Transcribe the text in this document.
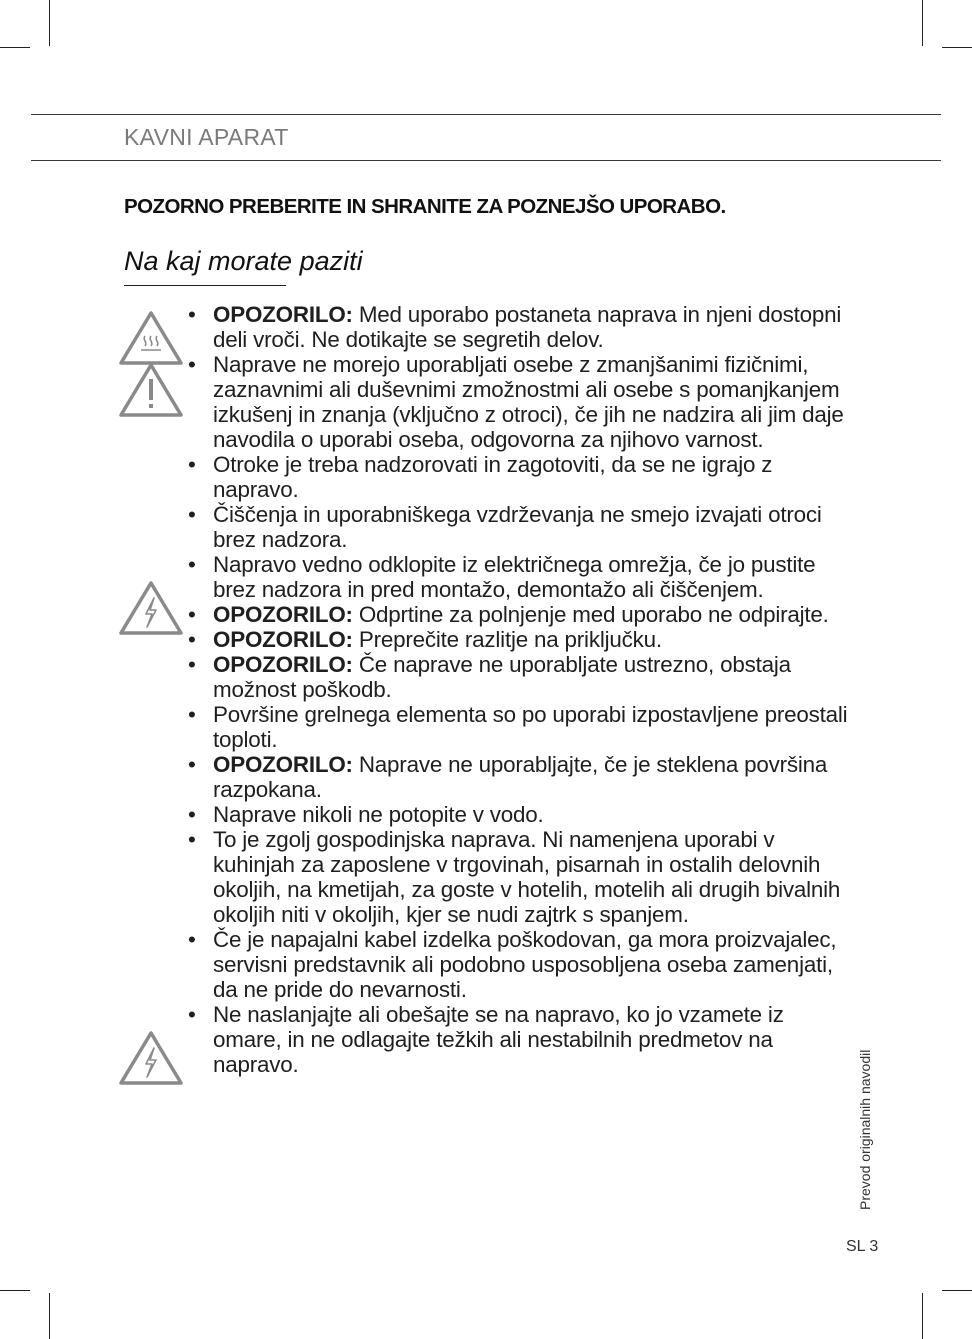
KAVNI APARAT
POZORNO PREBERITE IN SHRANITE ZA POZNEJŠO UPORABO.
Na kaj morate paziti
• OPOZORILO: Med uporabo postaneta naprava in njeni dostopni deli vroči. Ne dotikajte se segretih delov.
• Naprave ne morejo uporabljati osebe z zmanjšanimi fizičnimi, zaznavnimi ali duševnimi zmožnostmi ali osebe s pomanjkanjem izkušenj in znanja (vključno z otroci), če jih ne nadzira ali jim daje navodila o uporabi oseba, odgovorna za njihovo varnost.
• Otroke je treba nadzorovati in zagotoviti, da se ne igrajo z napravo.
• Čiščenja in uporabniškega vzdrževanja ne smejo izvajati otroci brez nadzora.
• Napravo vedno odklopite iz električnega omrežja, če jo pustite brez nadzora in pred montažo, demontažo ali čiščenjem.
• OPOZORILO: Odprtine za polnjenje med uporabo ne odpirajte.
• OPOZORILO: Preprečite razlitje na priključku.
• OPOZORILO: Če naprave ne uporabljate ustrezno, obstaja možnost poškodb.
• Površine grelnega elementa so po uporabi izpostavljene preostali toploti.
• OPOZORILO: Naprave ne uporabljajte, če je steklena površina razpokana.
• Naprave nikoli ne potopite v vodo.
• To je zgolj gospodinjska naprava. Ni namenjena uporabi v kuhinjah za zaposlene v trgovinah, pisarnah in ostalih delovnih okoljih, na kmetijah, za goste v hotelih, motelih ali drugih bivalnih okoljih niti v okoljih, kjer se nudi zajtrk s spanjem.
• Če je napajalni kabel izdelka poškodovan, ga mora proizvajalec, servisni predstavnik ali podobno usposobljena oseba zamenjati, da ne pride do nevarnosti.
• Ne naslanjajte ali obešajte se na napravo, ko jo vzamete iz omare, in ne odlagajte težkih ali nestabilnih predmetov na napravo.	Prevod originalnih navodil
SL 3
